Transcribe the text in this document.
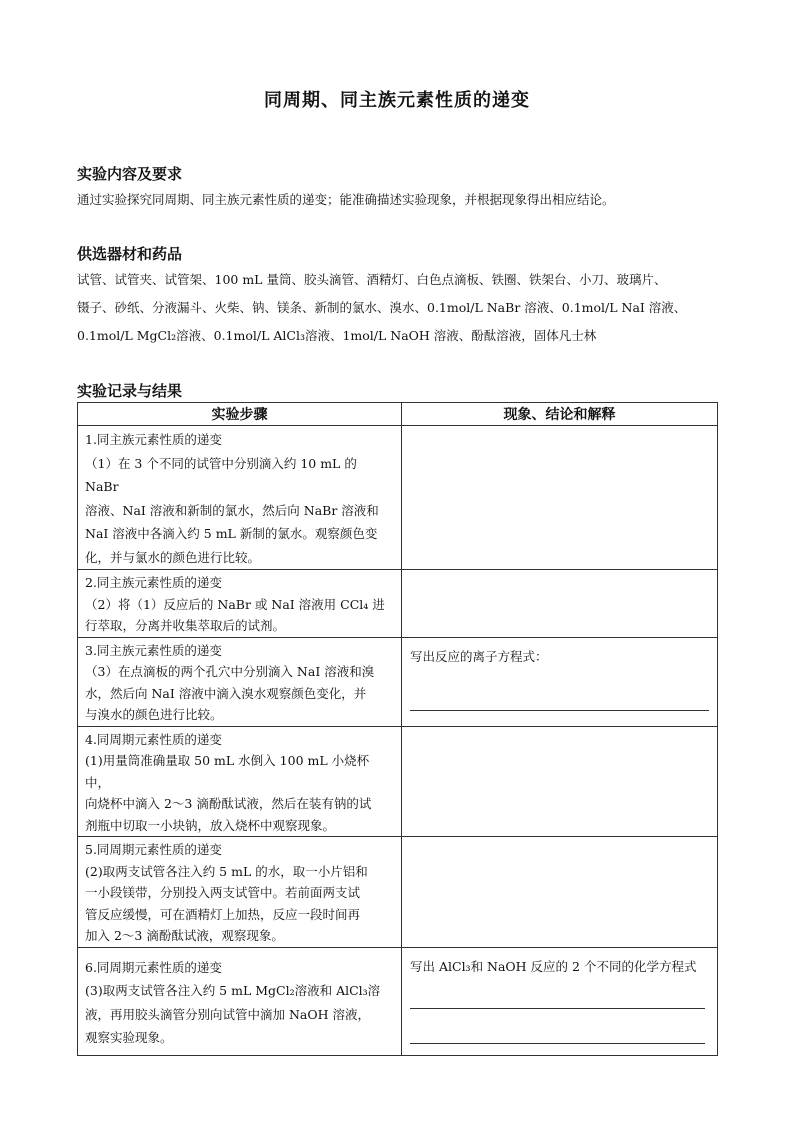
同周期、同主族元素性质的递变
实验内容及要求
通过实验探究同周期、同主族元素性质的递变；能准确描述实验现象，并根据现象得出相应结论。
供选器材和药品
试管、试管夹、试管架、100 mL 量筒、胶头滴管、酒精灯、白色点滴板、铁圈、铁架台、小刀、玻璃片、
镊子、砂纸、分液漏斗、火柴、钠、镁条、新制的氯水、溴水、0.1mol/L NaBr 溶液、0.1mol/L NaI 溶液、
0.1mol/L MgCl₂溶液、0.1mol/L AlCl₃溶液、1mol/L NaOH 溶液、酚酞溶液，固体凡士林
实验记录与结果
实验步骤	现象、结论和解释

1.同主族元素性质的递变
（1）在 3 个不同的试管中分别滴入约 10 mL 的 NaBr
溶液、NaI 溶液和新制的氯水，然后向 NaBr 溶液和
NaI 溶液中各滴入约 5 mL 新制的氯水。观察颜色变
化，并与氯水的颜色进行比较。	

2.同主族元素性质的递变
（2）将（1）反应后的 NaBr 或 NaI 溶液用 CCl₄ 进
行萃取，分离并收集萃取后的试剂。	

3.同主族元素性质的递变
（3）在点滴板的两个孔穴中分别滴入 NaI 溶液和溴
水，然后向 NaI 溶液中滴入溴水观察颜色变化，并
与溴水的颜色进行比较。	写出反应的离子方程式：

4.同周期元素性质的递变
(1)用量筒准确量取 50 mL 水倒入 100 mL 小烧杯中，
向烧杯中滴入 2～3 滴酚酞试液，然后在装有钠的试
剂瓶中切取一小块钠，放入烧杯中观察现象。	

5.同周期元素性质的递变
(2)取两支试管各注入约 5 mL 的水，取一小片铝和
一小段镁带，分别投入两支试管中。若前面两支试
管反应缓慢，可在酒精灯上加热，反应一段时间再
加入 2～3 滴酚酞试液，观察现象。	

6.同周期元素性质的递变
(3)取两支试管各注入约 5 mL MgCl₂溶液和 AlCl₃溶
液，再用胶头滴管分别向试管中滴加 NaOH 溶液，
观察实验现象。	写出 AlCl₃和 NaOH 反应的 2 个不同的化学方程式
